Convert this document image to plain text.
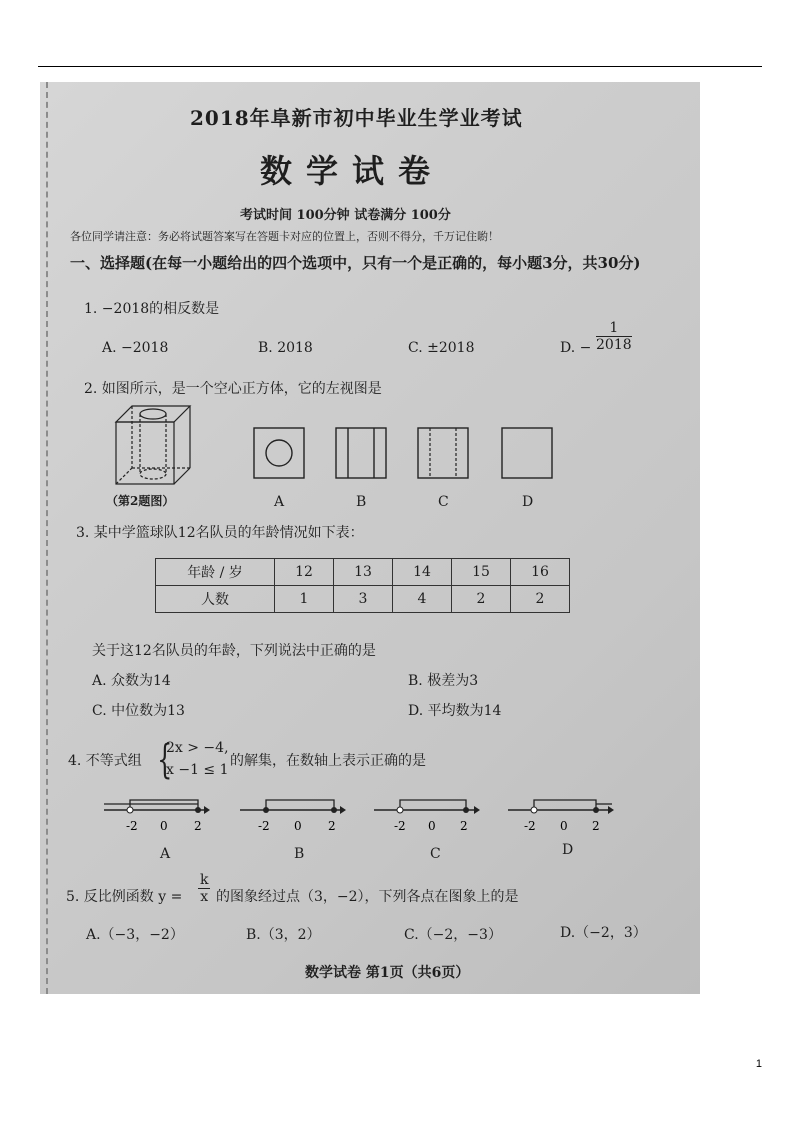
2018年阜新市初中毕业生学业考试
数学试卷
考试时间 100分钟 试卷满分 100分
各位同学请注意：务必将试题答案写在答题卡对应的位置上，否则不得分，千万记住喲！
一、选择题(在每一小题给出的四个选项中，只有一个是正确的，每小题3分，共30分)
1. −2018的相反数是
A. −2018	B. 2018	C. ±2018	D. − $\frac{1}{2018}$
2. 如图所示，是一个空心正方体，它的左视图是
（第2题图）	A	B	C	D
3. 某中学篮球队12名队员的年龄情况如下表：
年龄 / 岁	12	13	14	15	16
人数	1	3	4	2	2
关于这12名队员的年龄，下列说法中正确的是
A. 众数为14	B. 极差为3
C. 中位数为13	D. 平均数为14
4. 不等式组 {
2x > −4,
x −1 ≤ 1
的解集，在数轴上表示正确的是
-2 0 2	-2 0 2	-2 0 2	-2 0 2
A	B	C	D
5. 反比例函数 $y = \frac{k}{x}$ 的图象经过点（3，−2），下列各点在图象上的是
A.（−3，−2）	B.（3，2）	C.（−2，−3）	D.（−2，3）
数学试卷 第1页（共6页）
1
